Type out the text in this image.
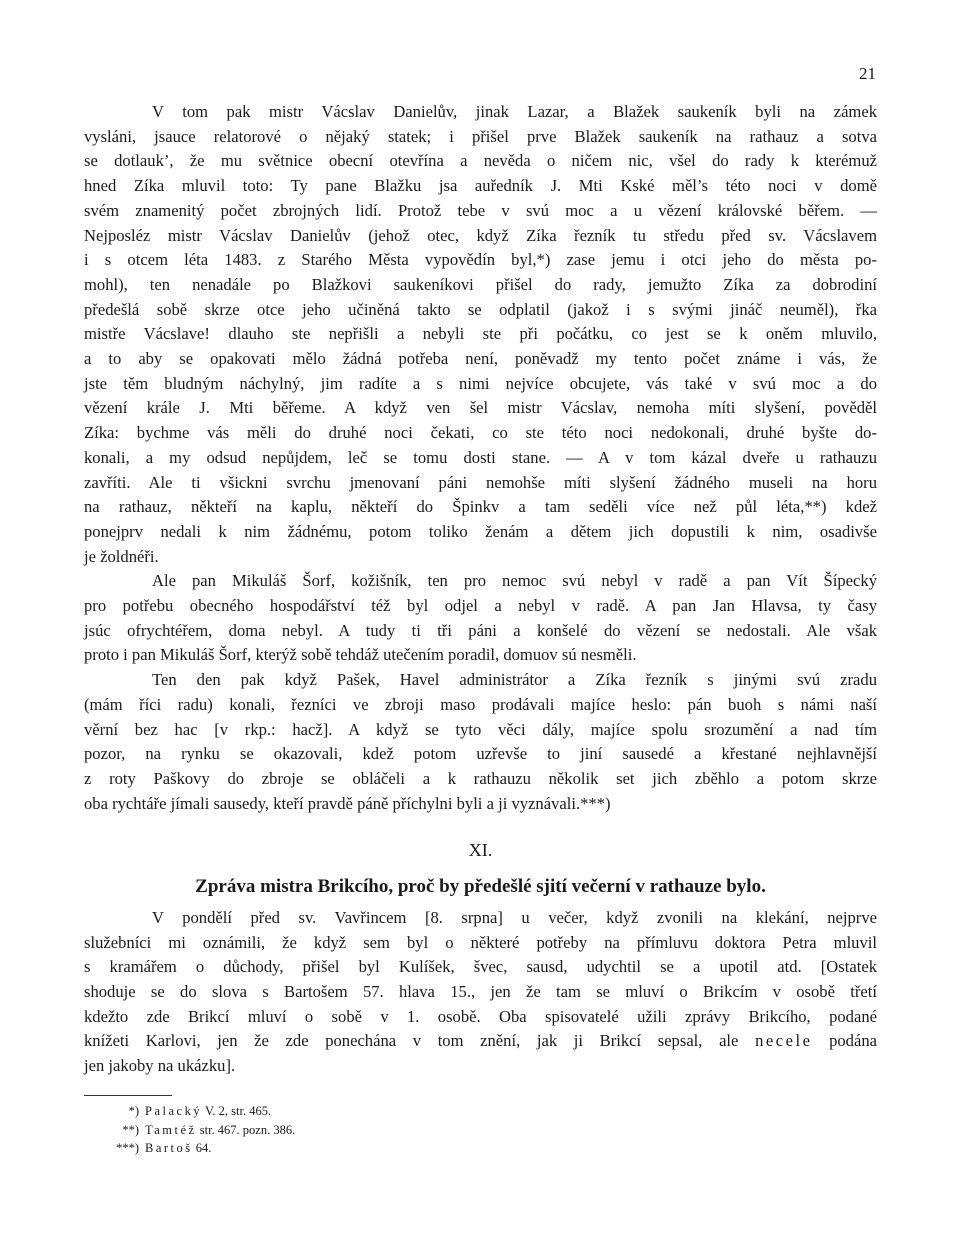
21

V tom pak mistr Vácslav Danielův, jinak Lazar, a Blažek saukeník byli na zámek
vysláni, jsauce relatorové o nějaký statek; i přišel prve Blažek saukeník na rathauz a sotva
se dotlauk’, že mu světnice obecní otevřína a nevěda o ničem nic, všel do rady k kterémuž
hned Zíka mluvil toto: Ty pane Blažku jsa auředník J. Mti Kské měl’s této noci v domě
svém znamenitý počet zbrojných lidí. Protož tebe v svú moc a u vězení královské běřem. —
Nejposléz mistr Vácslav Danielův (jehož otec, když Zíka řezník tu středu před sv. Vácslavem
i s otcem léta 1483. z Starého Města vypovědín byl,*) zase jemu i otci jeho do města po-
mohl), ten nenadále po Blažkovi saukeníkovi přišel do rady, jemužto Zíka za dobrodiní
předešlá sobě skrze otce jeho učiněná takto se odplatil (jakož i s svými jináč neuměl), řka
mistře Vácslave! dlauho ste nepřišli a nebyli ste při počátku, co jest se k oněm mluvilo,
a to aby se opakovati mělo žádná potřeba není, poněvadž my tento počet známe i vás, že
jste těm bludným náchylný, jim radíte a s nimi nejvíce obcujete, vás také v svú moc a do
vězení krále J. Mti běřeme. A když ven šel mistr Vácslav, nemoha míti slyšení, pověděl
Zíka: bychme vás měli do druhé noci čekati, co ste této noci nedokonali, druhé byšte do-
konali, a my odsud nepůjdem, leč se tomu dosti stane. — A v tom kázal dveře u rathauzu
zavříti. Ale ti všickni svrchu jmenovaní páni nemohše míti slyšení žádného museli na horu
na rathauz, někteří na kaplu, někteří do Špinkv a tam seděli více než půl léta,**) kdež
ponejprv nedali k nim žádnému, potom toliko ženám a dětem jich dopustili k nim, osadivše
je žoldnéři.

Ale pan Mikuláš Šorf, kožišník, ten pro nemoc svú nebyl v radě a pan Vít Šípecký
pro potřebu obecného hospodářství též byl odjel a nebyl v radě. A pan Jan Hlavsa, ty časy
jsúc ofrychtéřem, doma nebyl. A tudy ti tři páni a konšelé do vězení se nedostali. Ale však
proto i pan Mikuláš Šorf, kterýž sobě tehdáž utečením poradil, domuov sú nesměli.

Ten den pak když Pašek, Havel administrátor a Zíka řezník s jinými svú zradu
(mám říci radu) konali, řezníci ve zbroji maso prodávali majíce heslo: pán buoh s námi naší
věrní bez hac [v rkp.: hacž]. A když se tyto věci dály, majíce spolu srozumění a nad tím
pozor, na rynku se okazovali, kdež potom uzřevše to jiní sausedé a křestané nejhlavnější
z roty Paškovy do zbroje se obláčeli a k rathauzu několik set jich zběhlo a potom skrze
oba rychtáře jímali sausedy, kteří pravdě páně příchylni byli a ji vyznávali.***)

XI.
Zpráva mistra Brikcího, proč by předešlé sjití večerní v rathauze bylo.

V pondělí před sv. Vavřincem [8. srpna] u večer, když zvonili na klekání, nejprve
služebníci mi oznámili, že když sem byl o některé potřeby na přímluvu doktora Petra mluvil
s kramářem o důchody, přišel byl Kulíšek, švec, sausd, udychtil se a upotil atd. [Ostatek
shoduje se do slova s Bartošem 57. hlava 15., jen že tam se mluví o Brikcím v osobě třetí
kdežto zde Brikcí mluví o sobě v 1. osobě. Oba spisovatelé užili zprávy Brikcího, podané
knížeti Karlovi, jen že zde ponechána v tom znění, jak ji Brikcí sepsal, ale necele podána
jen jakoby na ukázku].

*) Palacký V. 2, str. 465.
**) Tamtéž str. 467. pozn. 386.
***) Bartoš 64.
